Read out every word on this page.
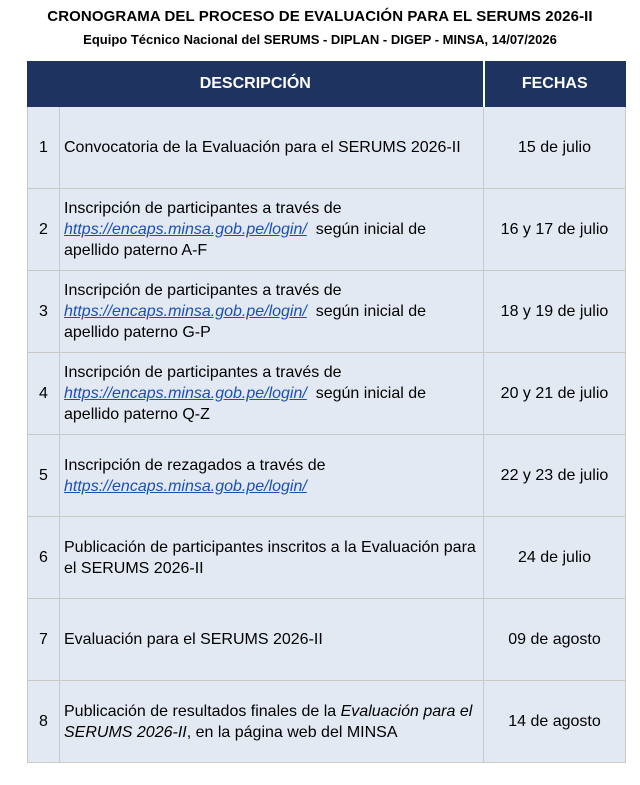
CRONOGRAMA DEL PROCESO DE EVALUACIÓN PARA EL SERUMS 2026-II
Equipo Técnico Nacional del SERUMS - DIPLAN - DIGEP - MINSA, 14/07/2026
DESCRIPCIÓN		FECHAS
1	Convocatoria de la Evaluación para el SERUMS 2026-II	15 de julio
2	Inscripción de participantes a través de
https://encaps.minsa.gob.pe/login/  según inicial de apellido paterno A-F	16 y 17 de julio
3	Inscripción de participantes a través de
https://encaps.minsa.gob.pe/login/  según inicial de apellido paterno G-P	18 y 19 de julio
4	Inscripción de participantes a través de
https://encaps.minsa.gob.pe/login/  según inicial de apellido paterno Q-Z	20 y 21 de julio
5	Inscripción de rezagados a través de
https://encaps.minsa.gob.pe/login/	22 y 23 de julio
6	Publicación de participantes inscritos a la Evaluación para el SERUMS 2026-II	24 de julio
7	Evaluación para el SERUMS 2026-II	09 de agosto
8	Publicación de resultados finales de la Evaluación para el SERUMS 2026-II, en la página web del MINSA	14 de agosto
